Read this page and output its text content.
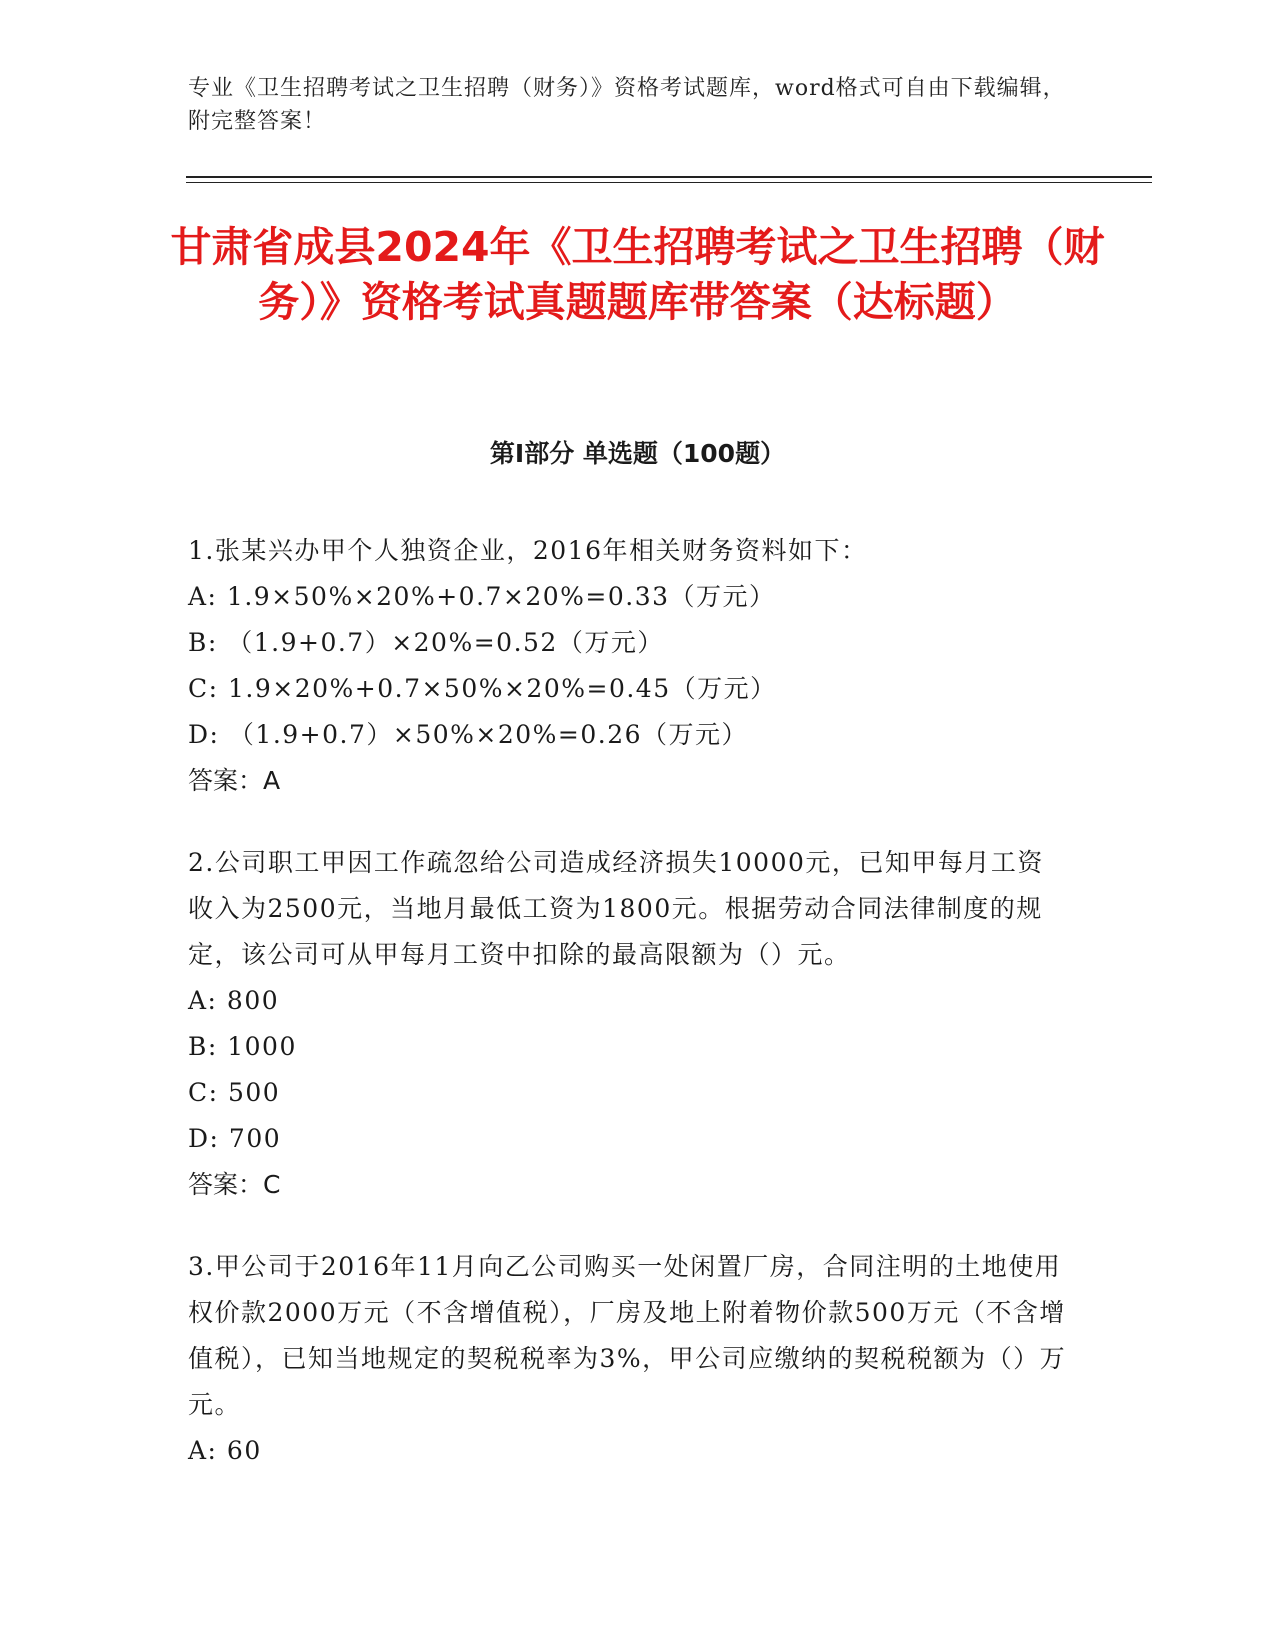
专业《卫生招聘考试之卫生招聘（财务）》资格考试题库，word格式可自由下载编辑，附完整答案！
甘肃省成县2024年《卫生招聘考试之卫生招聘（财务）》资格考试真题题库带答案（达标题）
第I部分 单选题（100题）

1.张某兴办甲个人独资企业，2016年相关财务资料如下：

A: 1.9×50%×20%+0.7×20%=0.33（万元）

B: （1.9+0.7）×20%=0.52（万元）

C: 1.9×20%+0.7×50%×20%=0.45（万元）

D: （1.9+0.7）×50%×20%=0.26（万元）

答案：A

2.公司职工甲因工作疏忽给公司造成经济损失10000元，已知甲每月工资收入为2500元，当地月最低工资为1800元。根据劳动合同法律制度的规定，该公司可从甲每月工资中扣除的最高限额为（）元。

A: 800

B: 1000

C: 500

D: 700

答案：C

3.甲公司于2016年11月向乙公司购买一处闲置厂房，合同注明的土地使用权价款2000万元（不含增值税），厂房及地上附着物价款500万元（不含增值税），已知当地规定的契税税率为3%，甲公司应缴纳的契税税额为（）万元。

A: 60
